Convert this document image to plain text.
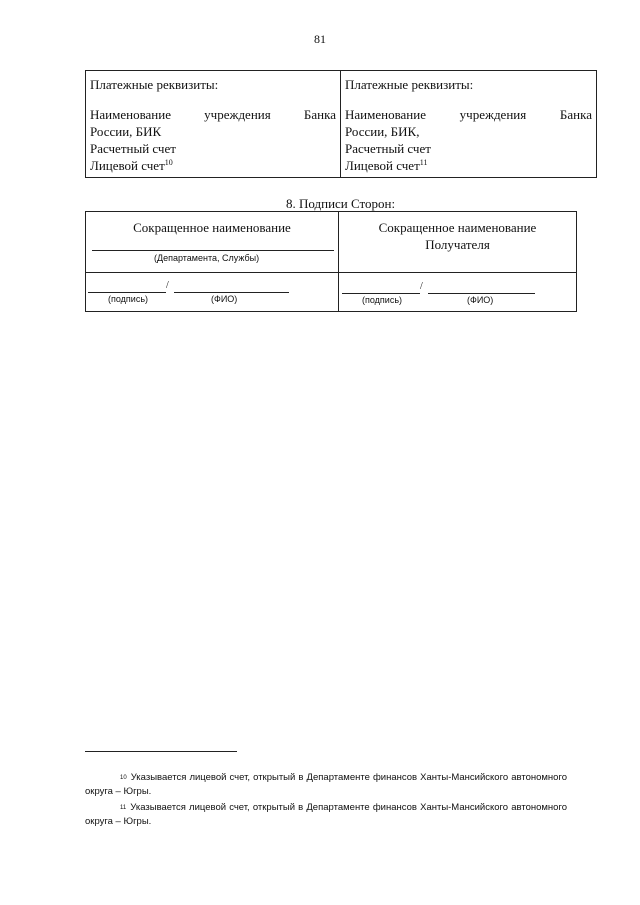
81
Платежные реквизиты:
Наименование	учреждения	Банка
России, БИК
Расчетный счет
Лицевой счет$^{10}$
Платежные реквизиты:
Наименование	учреждения	Банка
России, БИК,
Расчетный счет
Лицевой счет$^{11}$
8. Подписи Сторон:
Сокращенное наименование
(Департамента, Службы)
Сокращенное наименование
Получателя
/
(подпись)	(ФИО)
/
(подпись)	(ФИО)
$^{10}$ Указывается лицевой счет, открытый в Департаменте финансов Ханты-Мансийского автономного округа – Югры.
$^{11}$ Указывается лицевой счет, открытый в Департаменте финансов Ханты-Мансийского автономного округа – Югры.
